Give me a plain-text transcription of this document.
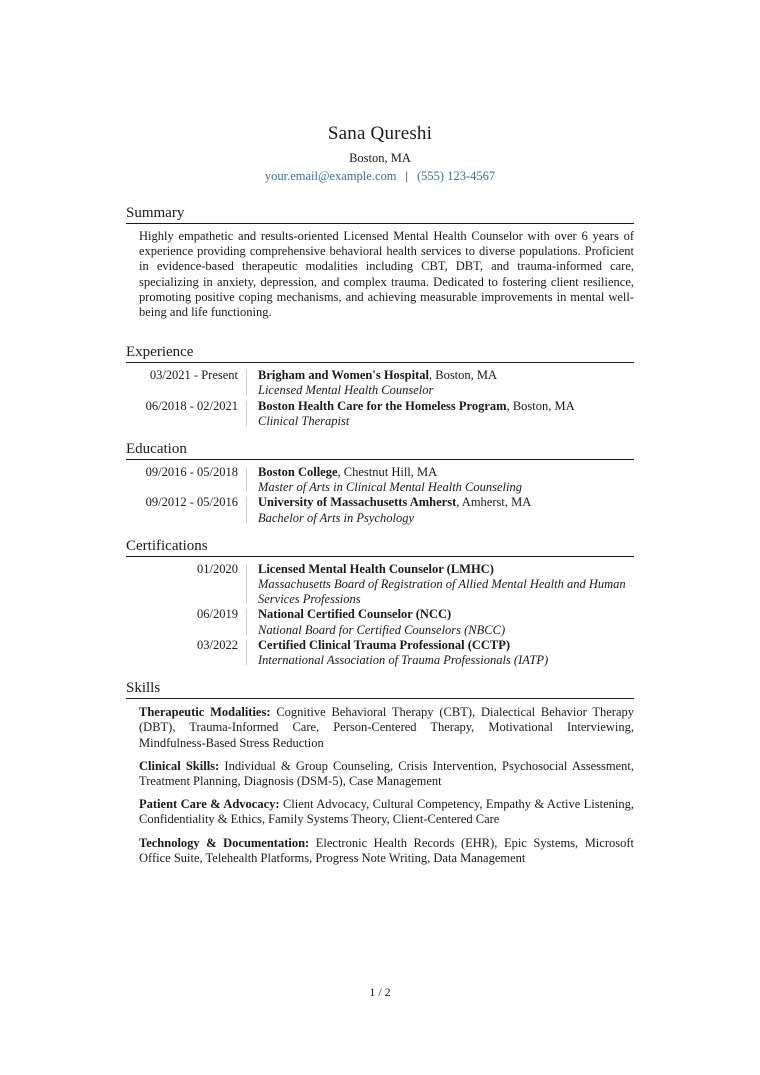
Sana Qureshi
Boston, MA
your.email@example.com | (555) 123-4567
Summary
Highly empathetic and results-oriented Licensed Mental Health Counselor with over 6 years of experience providing comprehensive behavioral health services to diverse populations. Proficient in evidence-based therapeutic modalities including CBT, DBT, and trauma-informed care, specializing in anxiety, depression, and complex trauma. Dedicated to fostering client resilience, promoting positive coping mechanisms, and achieving measurable improvements in mental well-being and life functioning.
Experience
03/2021 - Present	Brigham and Women's Hospital, Boston, MA
Licensed Mental Health Counselor
06/2018 - 02/2021	Boston Health Care for the Homeless Program, Boston, MA
Clinical Therapist
Education
09/2016 - 05/2018	Boston College, Chestnut Hill, MA
Master of Arts in Clinical Mental Health Counseling
09/2012 - 05/2016	University of Massachusetts Amherst, Amherst, MA
Bachelor of Arts in Psychology
Certifications
01/2020	Licensed Mental Health Counselor (LMHC)
Massachusetts Board of Registration of Allied Mental Health and Human Services Professions
06/2019	National Certified Counselor (NCC)
National Board for Certified Counselors (NBCC)
03/2022	Certified Clinical Trauma Professional (CCTP)
International Association of Trauma Professionals (IATP)
Skills
Therapeutic Modalities: Cognitive Behavioral Therapy (CBT), Dialectical Behavior Therapy (DBT), Trauma-Informed Care, Person-Centered Therapy, Motivational Interviewing, Mindfulness-Based Stress Reduction
Clinical Skills: Individual & Group Counseling, Crisis Intervention, Psychosocial Assessment, Treatment Planning, Diagnosis (DSM-5), Case Management
Patient Care & Advocacy: Client Advocacy, Cultural Competency, Empathy & Active Listening, Confidentiality & Ethics, Family Systems Theory, Client-Centered Care
Technology & Documentation: Electronic Health Records (EHR), Epic Systems, Microsoft Office Suite, Telehealth Platforms, Progress Note Writing, Data Management
1 / 2
